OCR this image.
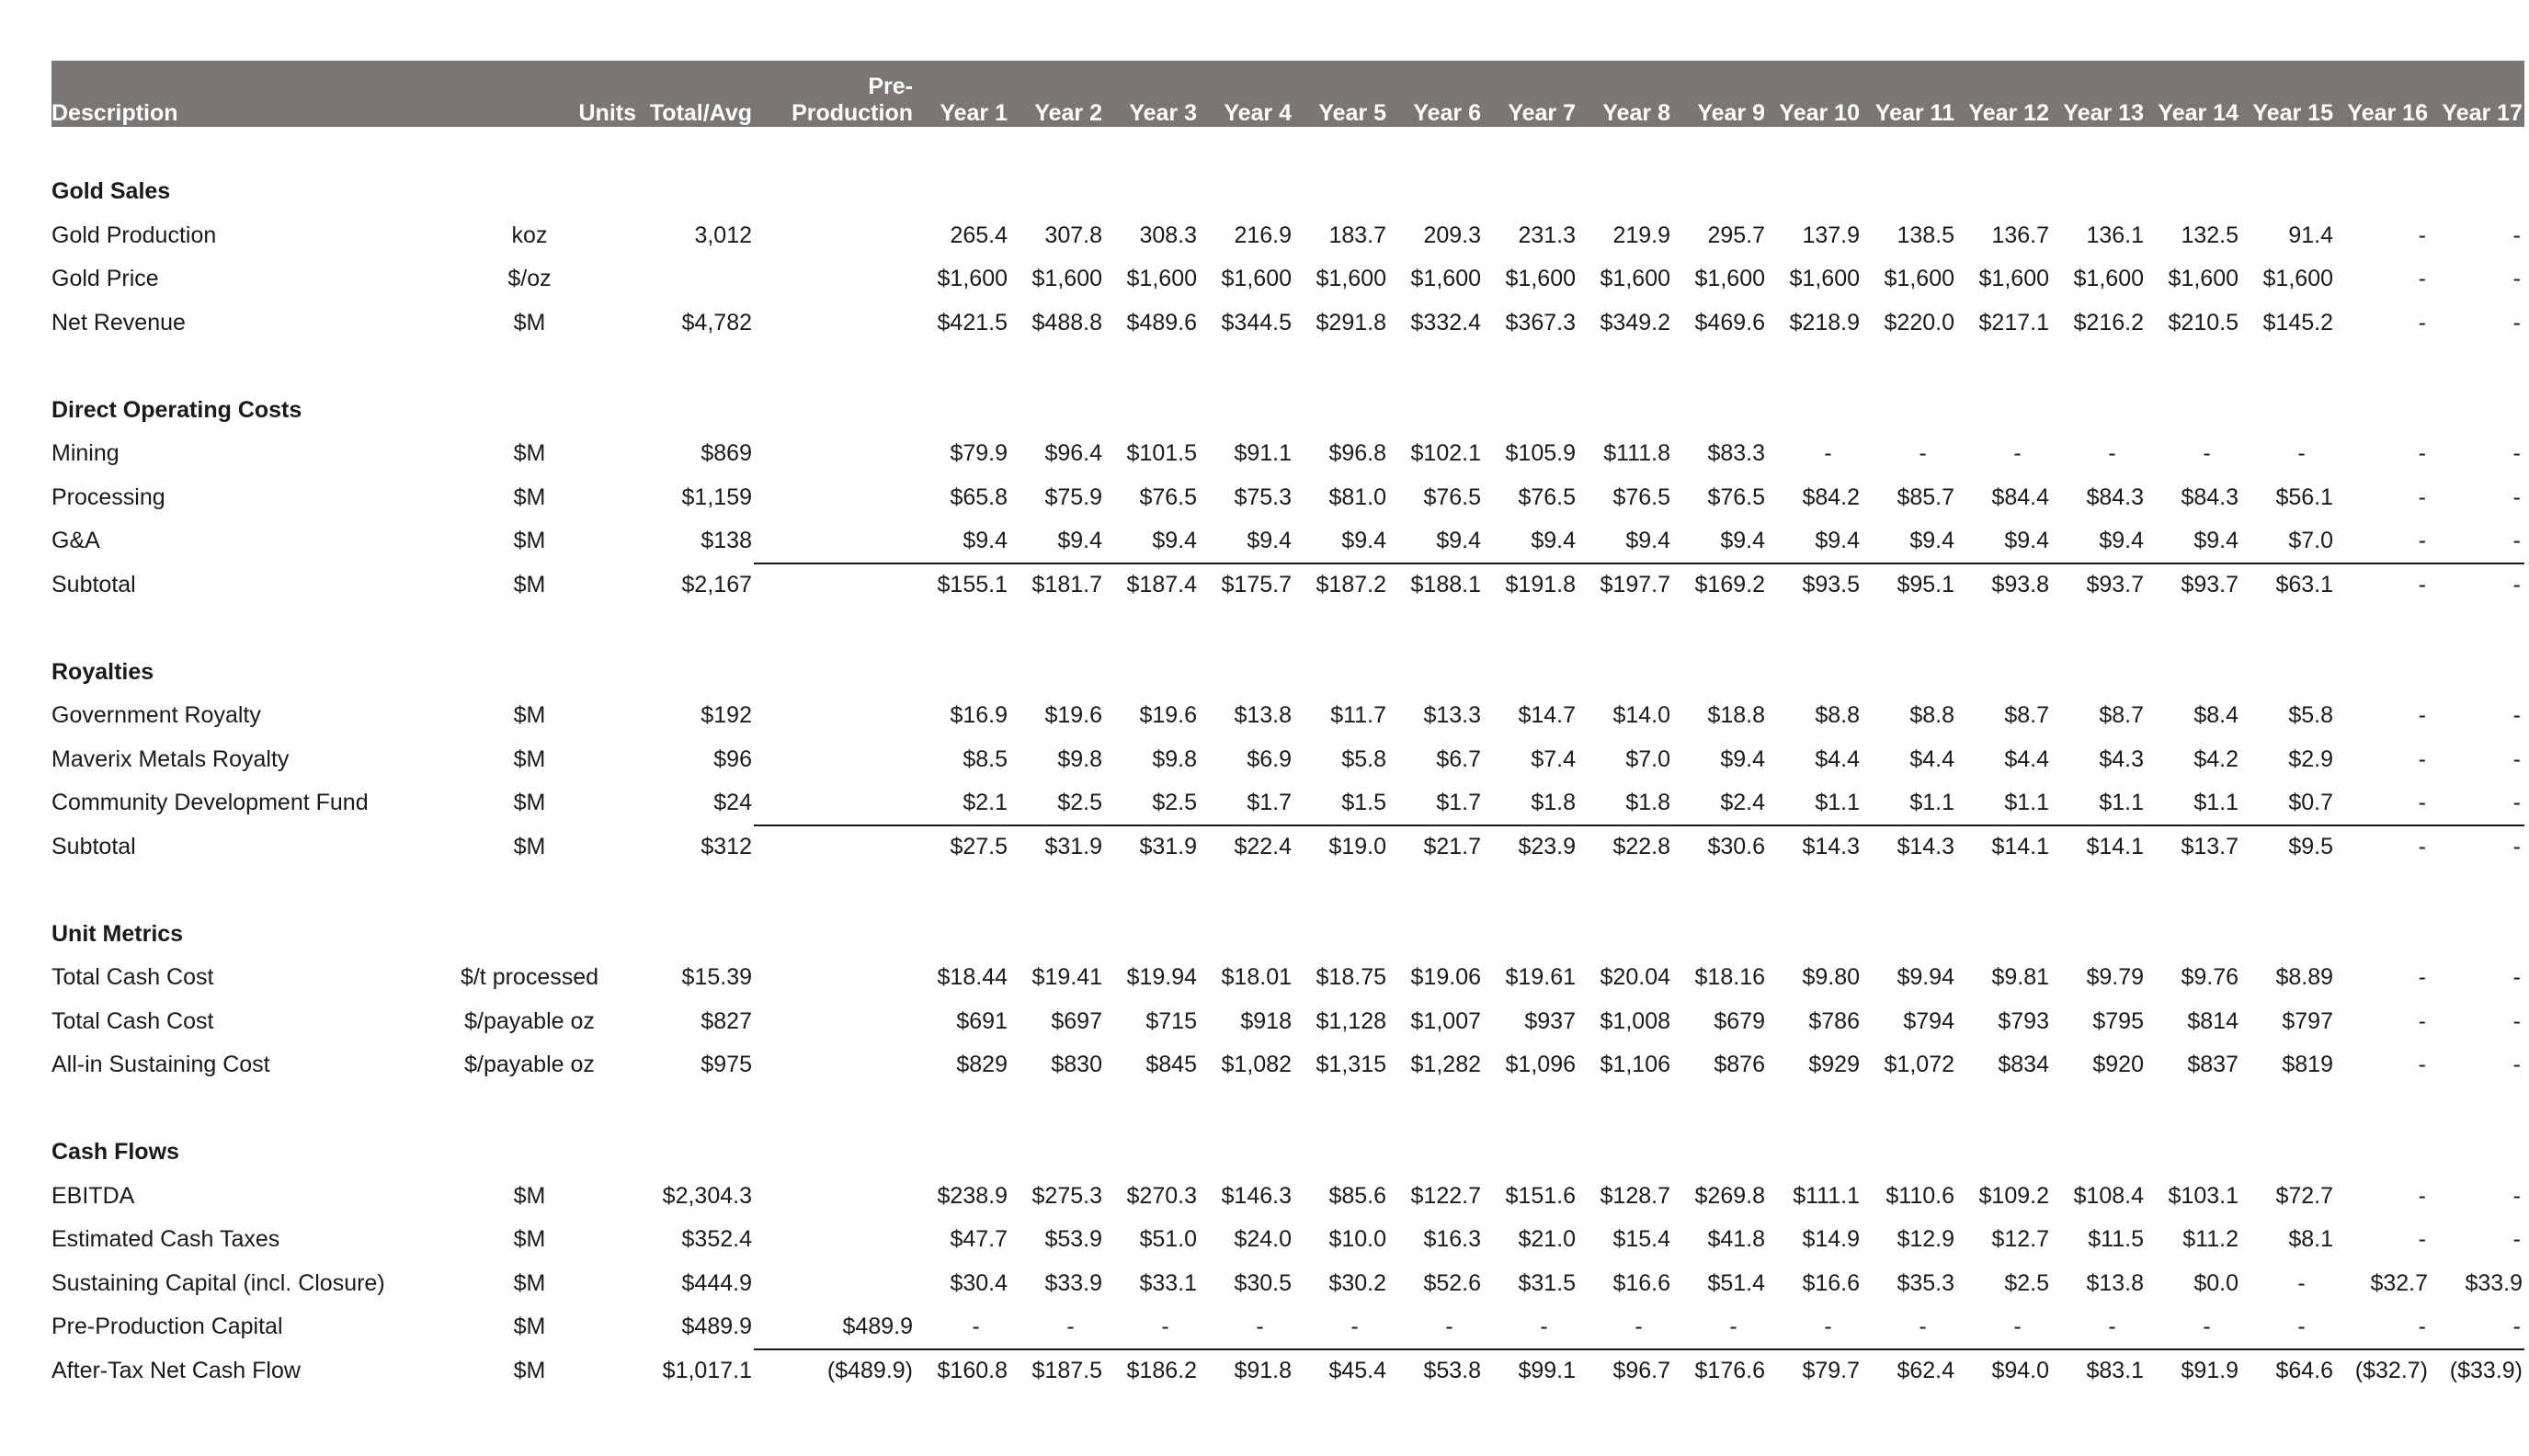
Description	Units	Total/Avg	Pre-
Production	Year 1	Year 2	Year 3	Year 4	Year 5	Year 6	Year 7	Year 8	Year 9	Year 10	Year 11	Year 12	Year 13	Year 14	Year 15	Year 16	Year 17

Gold Sales																				
Gold Production	koz	3,012		265.4	307.8	308.3	216.9	183.7	209.3	231.3	219.9	295.7	137.9	138.5	136.7	136.1	132.5	91.4	-	-
Gold Price	$/oz			$1,600	$1,600	$1,600	$1,600	$1,600	$1,600	$1,600	$1,600	$1,600	$1,600	$1,600	$1,600	$1,600	$1,600	$1,600	-	-
Net Revenue	$M	$4,782		$421.5	$488.8	$489.6	$344.5	$291.8	$332.4	$367.3	$349.2	$469.6	$218.9	$220.0	$217.1	$216.2	$210.5	$145.2	-	-

Direct Operating Costs																				
Mining	$M	$869		$79.9	$96.4	$101.5	$91.1	$96.8	$102.1	$105.9	$111.8	$83.3	-	-	-	-	-	-	-	-
Processing	$M	$1,159		$65.8	$75.9	$76.5	$75.3	$81.0	$76.5	$76.5	$76.5	$76.5	$84.2	$85.7	$84.4	$84.3	$84.3	$56.1	-	-
G&A	$M	$138		$9.4	$9.4	$9.4	$9.4	$9.4	$9.4	$9.4	$9.4	$9.4	$9.4	$9.4	$9.4	$9.4	$9.4	$7.0	-	-
Subtotal	$M	$2,167		$155.1	$181.7	$187.4	$175.7	$187.2	$188.1	$191.8	$197.7	$169.2	$93.5	$95.1	$93.8	$93.7	$93.7	$63.1	-	-

Royalties																				
Government Royalty	$M	$192		$16.9	$19.6	$19.6	$13.8	$11.7	$13.3	$14.7	$14.0	$18.8	$8.8	$8.8	$8.7	$8.7	$8.4	$5.8	-	-
Maverix Metals Royalty	$M	$96		$8.5	$9.8	$9.8	$6.9	$5.8	$6.7	$7.4	$7.0	$9.4	$4.4	$4.4	$4.4	$4.3	$4.2	$2.9	-	-
Community Development Fund	$M	$24		$2.1	$2.5	$2.5	$1.7	$1.5	$1.7	$1.8	$1.8	$2.4	$1.1	$1.1	$1.1	$1.1	$1.1	$0.7	-	-
Subtotal	$M	$312		$27.5	$31.9	$31.9	$22.4	$19.0	$21.7	$23.9	$22.8	$30.6	$14.3	$14.3	$14.1	$14.1	$13.7	$9.5	-	-

Unit Metrics																				
Total Cash Cost	$/t processed	$15.39		$18.44	$19.41	$19.94	$18.01	$18.75	$19.06	$19.61	$20.04	$18.16	$9.80	$9.94	$9.81	$9.79	$9.76	$8.89	-	-
Total Cash Cost	$/payable oz	$827		$691	$697	$715	$918	$1,128	$1,007	$937	$1,008	$679	$786	$794	$793	$795	$814	$797	-	-
All-in Sustaining Cost	$/payable oz	$975		$829	$830	$845	$1,082	$1,315	$1,282	$1,096	$1,106	$876	$929	$1,072	$834	$920	$837	$819	-	-

Cash Flows																				
EBITDA	$M	$2,304.3		$238.9	$275.3	$270.3	$146.3	$85.6	$122.7	$151.6	$128.7	$269.8	$111.1	$110.6	$109.2	$108.4	$103.1	$72.7	-	-
Estimated Cash Taxes	$M	$352.4		$47.7	$53.9	$51.0	$24.0	$10.0	$16.3	$21.0	$15.4	$41.8	$14.9	$12.9	$12.7	$11.5	$11.2	$8.1	-	-
Sustaining Capital (incl. Closure)	$M	$444.9		$30.4	$33.9	$33.1	$30.5	$30.2	$52.6	$31.5	$16.6	$51.4	$16.6	$35.3	$2.5	$13.8	$0.0	-	$32.7	$33.9
Pre-Production Capital	$M	$489.9	$489.9	-	-	-	-	-	-	-	-	-	-	-	-	-	-	-	-	-
After-Tax Net Cash Flow	$M	$1,017.1	($489.9)	$160.8	$187.5	$186.2	$91.8	$45.4	$53.8	$99.1	$96.7	$176.6	$79.7	$62.4	$94.0	$83.1	$91.9	$64.6	($32.7)	($33.9)
